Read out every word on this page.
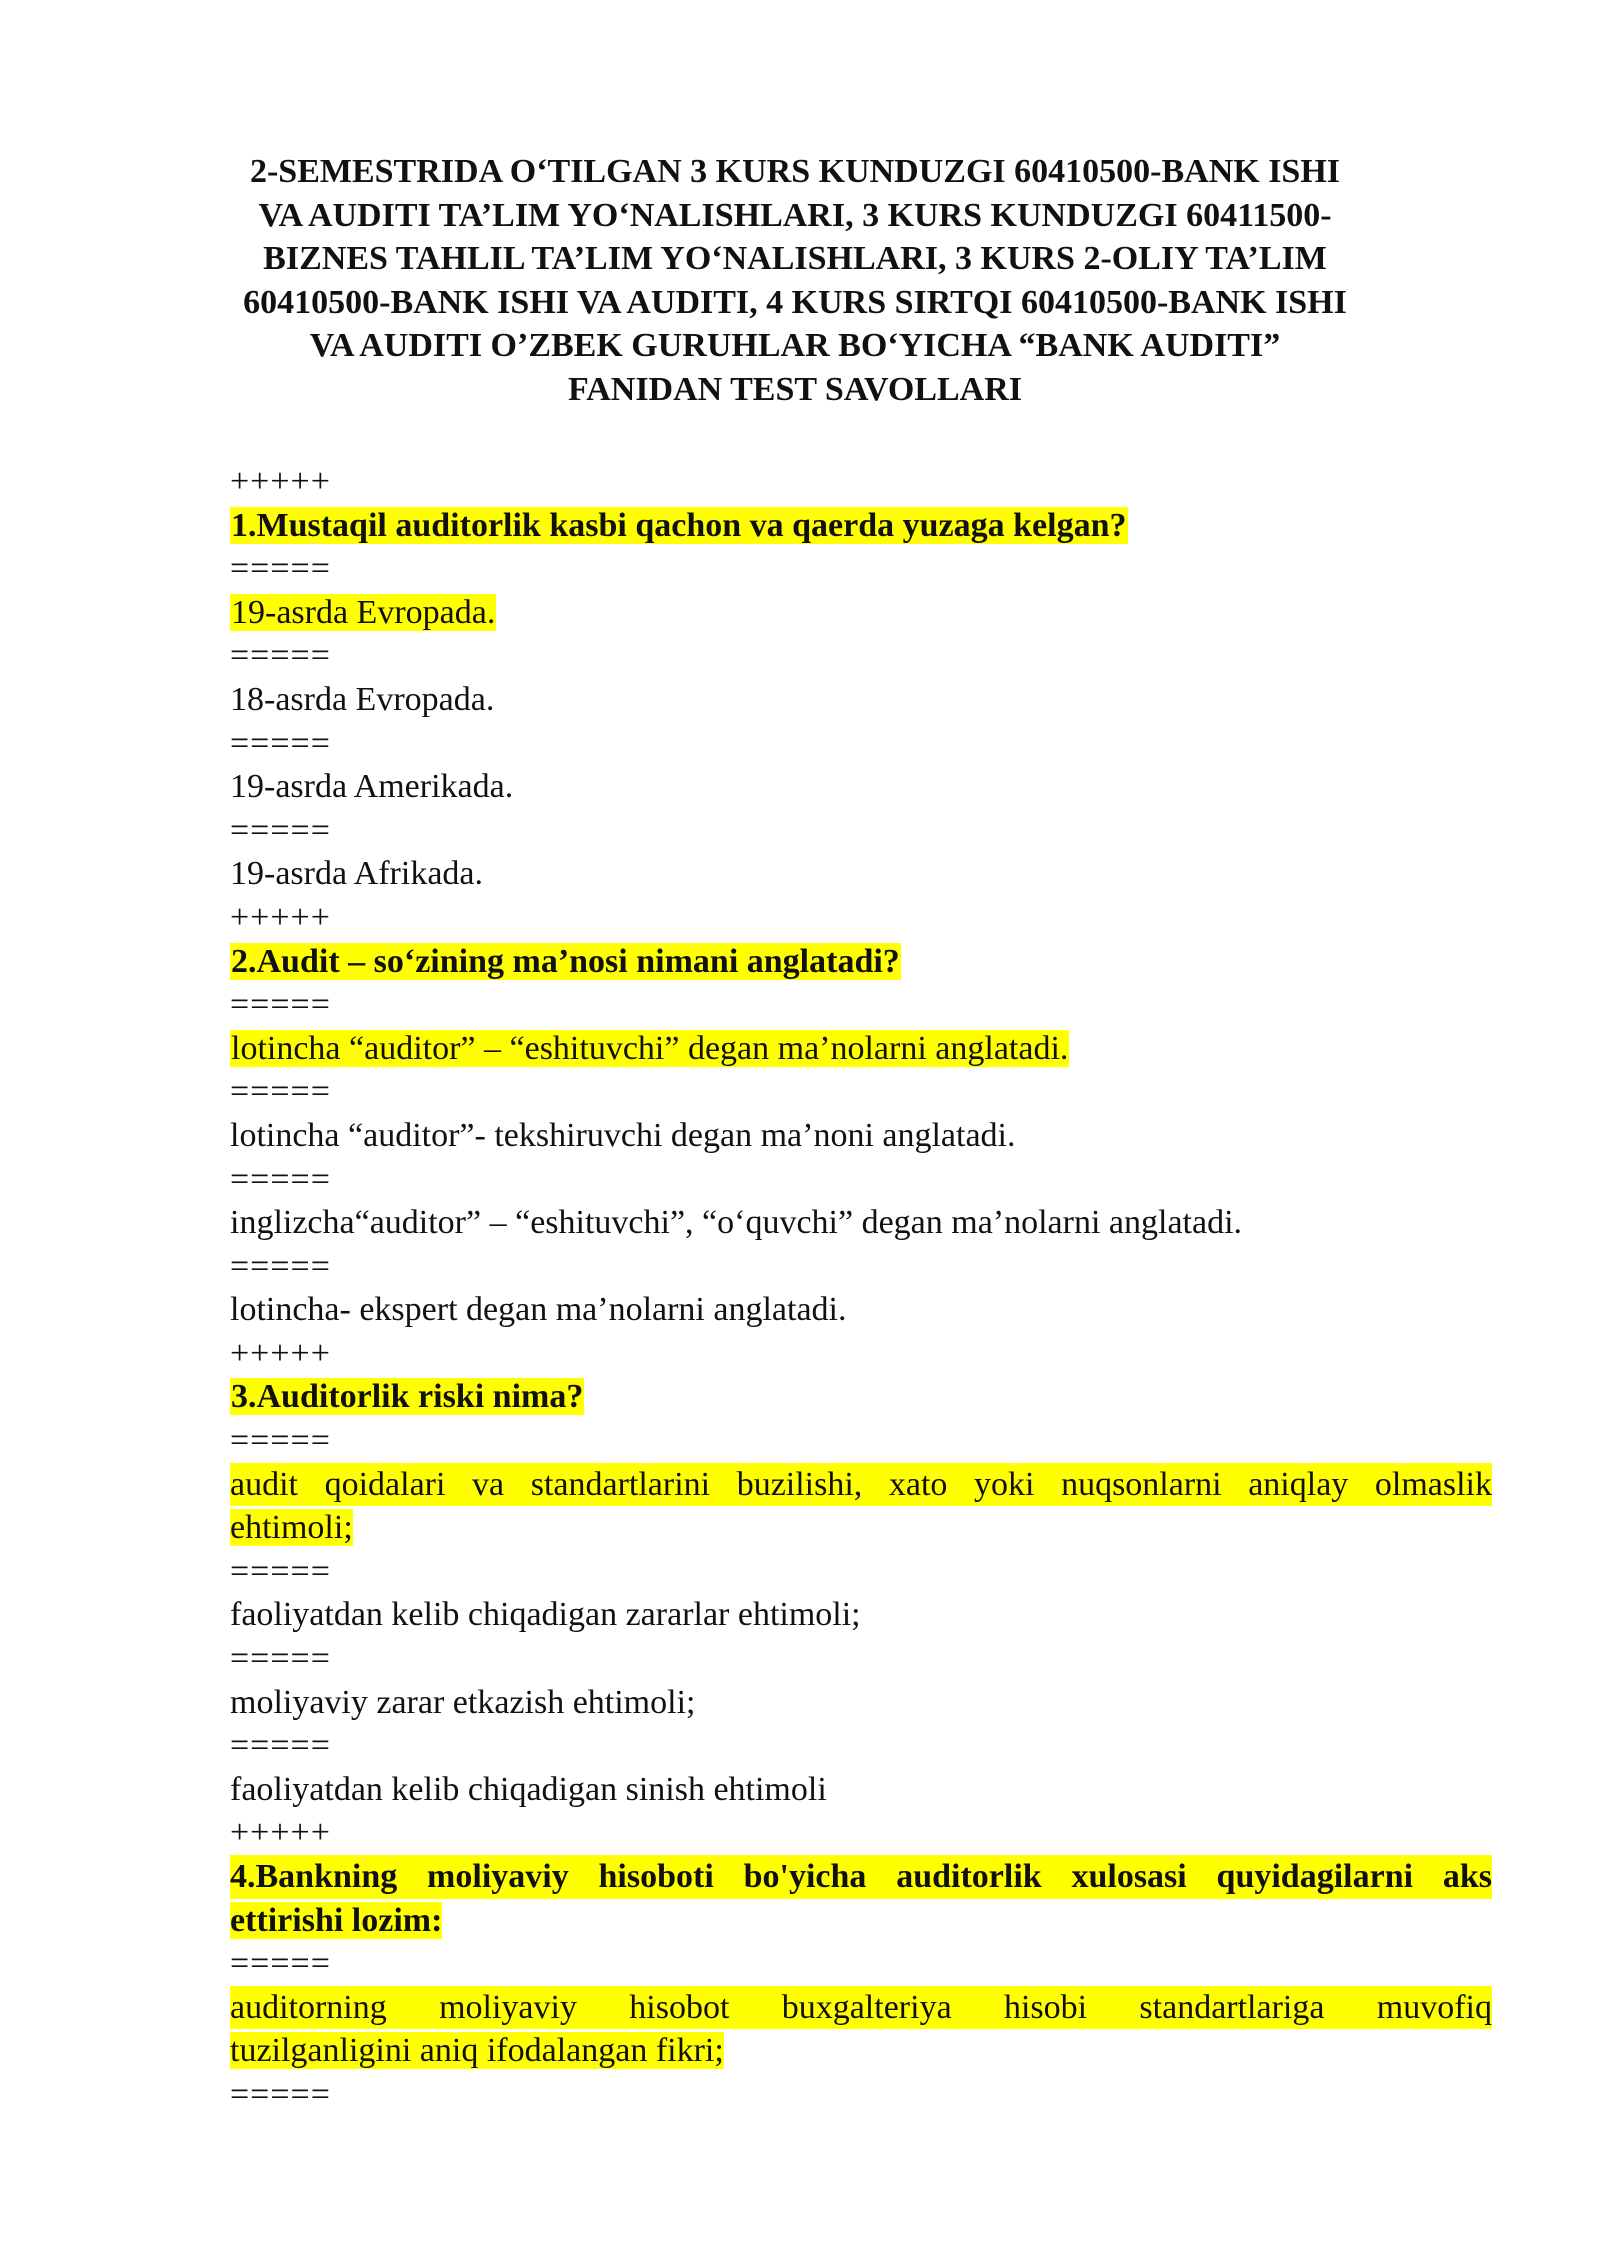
2-SEMESTRIDA O‘TILGAN 3 KURS KUNDUZGI 60410500-BANK ISHI
VA AUDITI TA’LIM YO‘NALISHLARI, 3 KURS KUNDUZGI 60411500-
BIZNES TAHLIL TA’LIM YO‘NALISHLARI, 3 KURS 2-OLIY TA’LIM
60410500-BANK ISHI VA AUDITI, 4 KURS SIRTQI 60410500-BANK ISHI
VA AUDITI O’ZBEK GURUHLAR BO‘YICHA “BANK AUDITI”
FANIDAN TEST SAVOLLARI
+++++
1.Mustaqil auditorlik kasbi qachon va qaerda yuzaga kelgan?
=====
19-asrda Evropada.
=====
18-asrda Evropada.
=====
19-asrda Amerikada.
=====
19-asrda Afrikada.
+++++
2.Audit – so‘zining ma’nosi nimani anglatadi?
=====
lotincha “auditor” – “eshituvchi” degan ma’nolarni anglatadi.
=====
lotincha “auditor”- tekshiruvchi degan ma’noni anglatadi.
=====
inglizcha“auditor” – “eshituvchi”, “o‘quvchi” degan ma’nolarni anglatadi.
=====
lotincha- ekspert degan ma’nolarni anglatadi.
+++++
3.Auditorlik riski nima?
=====
audit qoidalari va standartlarini buzilishi, xato yoki nuqsonlarni aniqlay olmaslik
ehtimoli;
=====
faoliyatdan kelib chiqadigan zararlar ehtimoli;
=====
moliyaviy zarar etkazish ehtimoli;
=====
faoliyatdan kelib chiqadigan sinish ehtimoli
+++++
4.Bankning moliyaviy hisoboti bo'yicha auditorlik xulosasi quyidagilarni aks
ettirishi lozim:
=====
auditorning moliyaviy hisobot buxgalteriya hisobi standartlariga muvofiq
tuzilganligini aniq ifodalangan fikri;
=====
